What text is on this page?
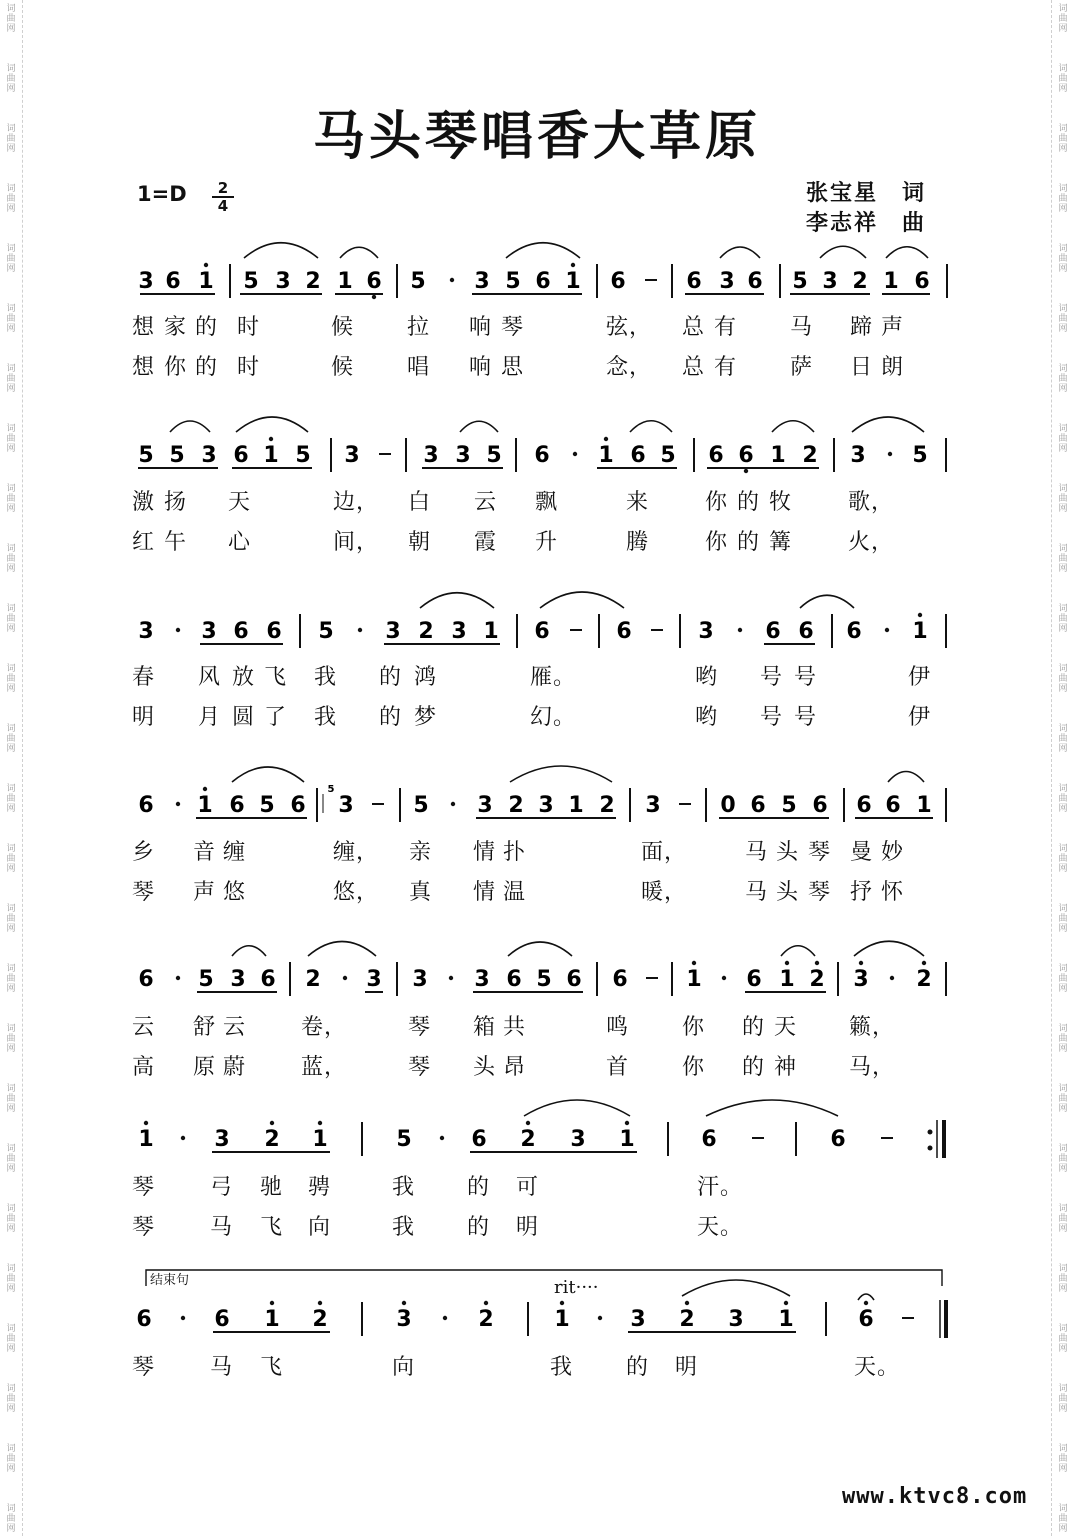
词
曲
网
词
曲
网
词
曲
网
词
曲
网
词
曲
网
词
曲
网
词
曲
网
词
曲
网
词
曲
网
词
曲
网
词
曲
网
词
曲
网
词
曲
网
词
曲
网
词
曲
网
词
曲
网
词
曲
网
词
曲
网
词
曲
网
词
曲
网
词
曲
网
词
曲
网
词
曲
网
词
曲
网
词
曲
网
词
曲
网
词
曲
网
词
曲
网
词
曲
网
词
曲
网
词
曲
网
词
曲
网
词
曲
网
词
曲
网
词
曲
网
词
曲
网
词
曲
网
词
曲
网
词
曲
网
词
曲
网
词
曲
网
词
曲
网
词
曲
网
词
曲
网
词
曲
网
词
曲
网
词
曲
网
词
曲
网
词
曲
网
词
曲
网
词
曲
网
词
曲
网
马头琴唱香大草原
1=D	2
4	张宝星　词
李志祥　曲
3 6 1 5 3 2 1 6 5 3 5 6 1 6	6 3 6 5 3 2 1 6
5 5 3 6 1 5 3	3 3 5 6 1 6 5 6 6 1 2 3 5
3 3 6 6 5 3 2 3 1 6	6	3 6 6 6 1
6 1 6 5 6 3	5 3 2 3 1 2 3	0 6 5 6 6 6 1
6 5 3 6 2 3 3 3 6 5 6 6	1 6 1 2 3 2
1	3 2 1	5	6 2 3 1	6	6
6	6 1 2	3	2	1	3 2 3 1	6
5
想 家 的 时	候 拉 响 琴	弦， 总 有 马 蹄 声
想 你 的 时	候 唱 响 思	念， 总 有 萨 日 朗
激 扬 天	边， 白 云 飘	来	你 的 牧	歌，
红 午 心	间， 朝 霞 升	腾	你 的 篝	火，
春 风 放 飞 我 的 鸿	雁。	哟 号 号	伊
明 月 圆 了 我 的 梦	幻。	哟 号 号	伊
乡 音 缠	缠， 亲 情 扑	面，	马 头 琴 曼 妙
琴 声 悠	悠， 真 情 温	暖，	马 头 琴 抒 怀
云 舒 云 卷，	琴 箱 共	鸣 你 的 天 籁，
高 原 蔚 蓝，	琴 头 昂	首 你 的 神 马，
琴 弓 驰 骋	我 的 可	汗。
琴 马 飞 向	我 的 明	天。
琴 马 飞	向	我 的 明	天。
结束句	rit····
www.ktvc8.com
